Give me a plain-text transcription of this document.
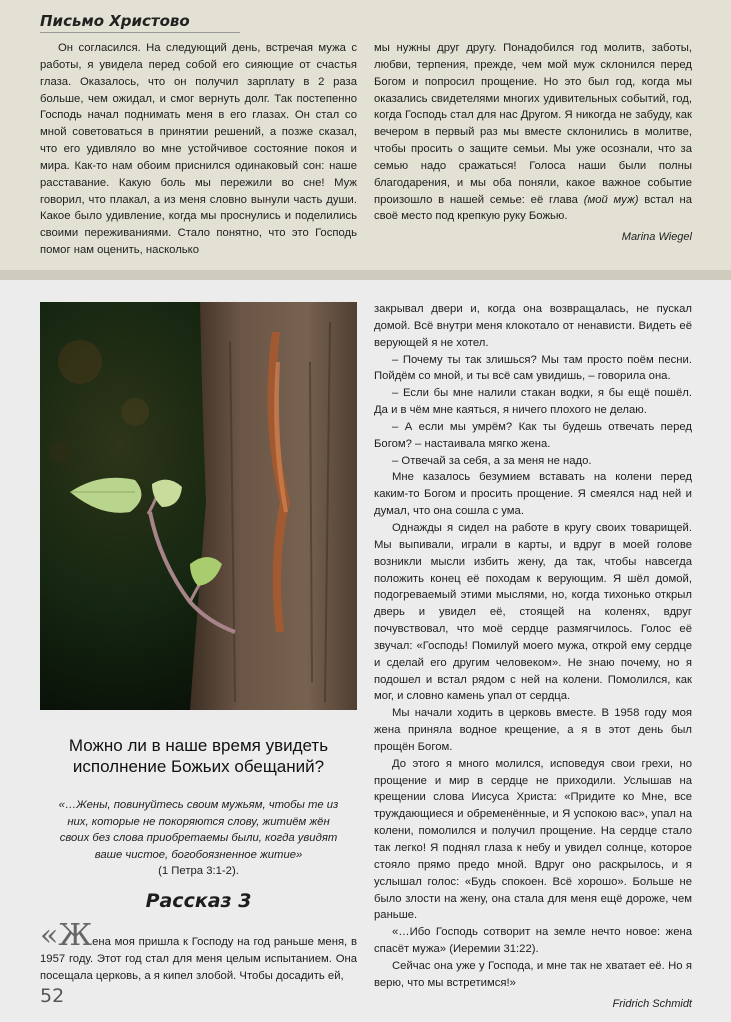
Письмо Христово

Он согласился. На следующий день, встречая мужа с работы, я увидела перед собой его сияющие от счастья глаза. Оказалось, что он получил зарплату в 2 раза больше, чем ожидал, и смог вернуть долг. Так постепенно Господь начал поднимать меня в его глазах. Он стал со мной советоваться в принятии решений, а позже сказал, что его удивляло во мне устойчивое состояние покоя и мира. Как-то нам обоим приснился одинаковый сон: наше расставание. Какую боль мы пережили во сне! Муж говорил, что плакал, а из меня словно вынули часть души. Какое было удивление, когда мы проснулись и поделились своими переживаниями. Стало понятно, что это Господь помог нам оценить, насколько

мы нужны друг другу. Понадобился год молитв, заботы, любви, терпения, прежде, чем мой муж склонился перед Богом и попросил прощение. Но это был год, когда мы оказались свидетелями многих удивительных событий, год, когда Господь стал для нас Другом. Я никогда не забуду, как вечером в первый раз мы вместе склонились в молитве, чтобы просить о защите семьи. Мы уже осознали, что за семью надо сражаться! Голоса наши были полны благодарения, и мы оба поняли, какое важное событие произошло в нашей семье: её глава (мой муж) встал на своё место под крепкую руку Божью.

Marina Wiegel
Можно ли в наше время увидеть исполнение Божьих обещаний?
«…Жены, повинуйтесь своим мужьям, чтобы те из них, которые не покоряются слову, житиём жён своих без слова приобретаемы были, когда увидят ваше чистое, богобоязненное житие»
(1 Петра 3:1-2).
Рассказ 3

«Жена моя пришла к Господу на год раньше меня, в 1957 году. Этот год стал для меня целым испытанием. Она посещала церковь, а я кипел злобой. Чтобы досадить ей,

закрывал двери и, когда она возвращалась, не пускал домой. Всё внутри меня клокотало от ненависти. Видеть её верующей я не хотел.

– Почему ты так злишься? Мы там просто поём песни. Пойдём со мной, и ты всё сам увидишь, – говорила она.

– Если бы мне налили стакан водки, я бы ещё пошёл. Да и в чём мне каяться, я ничего плохого не делаю.

– А если мы умрём? Как ты будешь отвечать перед Богом? – настаивала мягко жена.

– Отвечай за себя, а за меня не надо.

Мне казалось безумием вставать на колени перед каким-то Богом и просить прощение. Я смеялся над ней и думал, что она сошла с ума.

Однажды я сидел на работе в кругу своих товарищей. Мы выпивали, играли в карты, и вдруг в моей голове возникли мысли избить жену, да так, чтобы навсегда положить конец её походам к верующим. Я шёл домой, подогреваемый этими мыслями, но, когда тихонько открыл дверь и увидел её, стоящей на коленях, вдруг почувствовал, что моё сердце размягчилось. Голос её звучал: «Господь! Помилуй моего мужа, открой ему сердце и сделай его другим человеком». Не знаю почему, но я подошел и встал рядом с ней на колени. Помолился, как мог, и словно камень упал от сердца.

Мы начали ходить в церковь вместе. В 1958 году моя жена приняла водное крещение, а я в этот день был прощён Богом.

До этого я много молился, исповедуя свои грехи, но прощение и мир в сердце не приходили. Услышав на крещении слова Иисуса Христа: «Придите ко Мне, все труждающиеся и обременённые, и Я успокою вас», упал на колени, помолился и получил прощение. На сердце стало так легко! Я поднял глаза к небу и увидел солнце, которое стояло прямо предо мной. Вдруг оно раскрылось, и я услышал голос: «Будь спокоен. Всё хорошо». Больше не было злости на жену, она стала для меня ещё дороже, чем раньше.

«…Ибо Господь сотворит на земле нечто новое: жена спасёт мужа» (Иеремии 31:22).

Сейчас она уже у Господа, и мне так не хватает её. Но я верю, что мы встретимся!»

Fridrich Schmidt
52
